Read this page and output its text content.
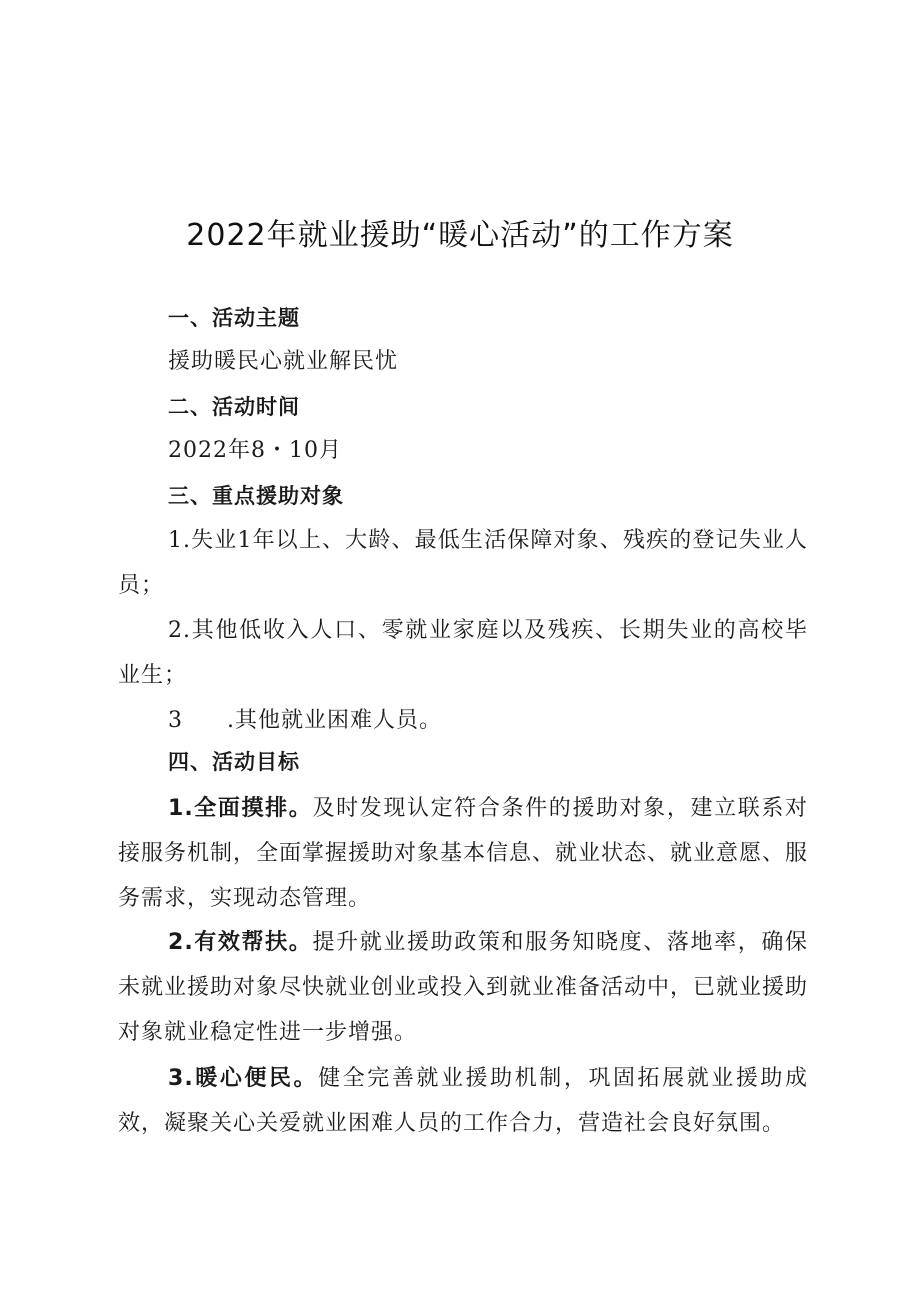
2022年就业援助“暖心活动”的工作方案
一、活动主题
援助暖民心就业解民忧
二、活动时间
2022年8・10月
三、重点援助对象
1.失业1年以上、大龄、最低生活保障对象、残疾的登记失业人员；
2.其他低收入人口、零就业家庭以及残疾、长期失业的高校毕业生；
3 .其他就业困难人员。
四、活动目标
1.全面摸排。及时发现认定符合条件的援助对象，建立联系对接服务机制，全面掌握援助对象基本信息、就业状态、就业意愿、服务需求，实现动态管理。
2.有效帮扶。提升就业援助政策和服务知晓度、落地率，确保未就业援助对象尽快就业创业或投入到就业准备活动中，已就业援助对象就业稳定性进一步增强。
3.暖心便民。健全完善就业援助机制，巩固拓展就业援助成效，凝聚关心关爱就业困难人员的工作合力，营造社会良好氛围。
